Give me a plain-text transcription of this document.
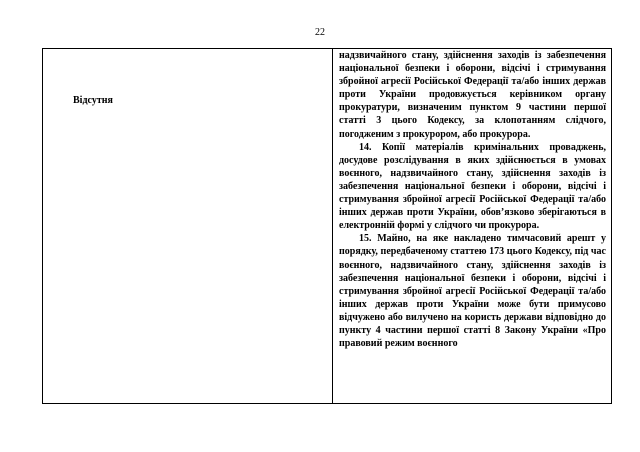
22
Відсутня

надзвичайного стану, здійснення заходів із забезпечення національної безпеки і оборони, відсічі і стримування збройної агресії Російської Федерації та/або інших держав проти України продовжується керівником органу прокуратури, визначеним пунктом 9 частини першої статті 3 цього Кодексу, за клопотанням слідчого, погодженим з прокурором, або прокурора.

14. Копії матеріалів кримінальних проваджень, досудове розслідування в яких здійснюється в умовах воєнного, надзвичайного стану, здійснення заходів із забезпечення національної безпеки і оборони, відсічі і стримування збройної агресії Російської Федерації та/або інших держав проти України, обов’язково зберігаються в електронній формі у слідчого чи прокурора.

15. Майно, на яке накладено тимчасовий арешт у порядку, передбаченому статтею 173 цього Кодексу, під час воєнного, надзвичайного стану, здійснення заходів із забезпечення національної безпеки і оборони, відсічі і стримування збройної агресії Російської Федерації та/або інших держав проти України може бути примусово відчужено або вилучено на користь держави відповідно до пункту 4 частини першої статті 8 Закону України «Про правовий режим воєнного
